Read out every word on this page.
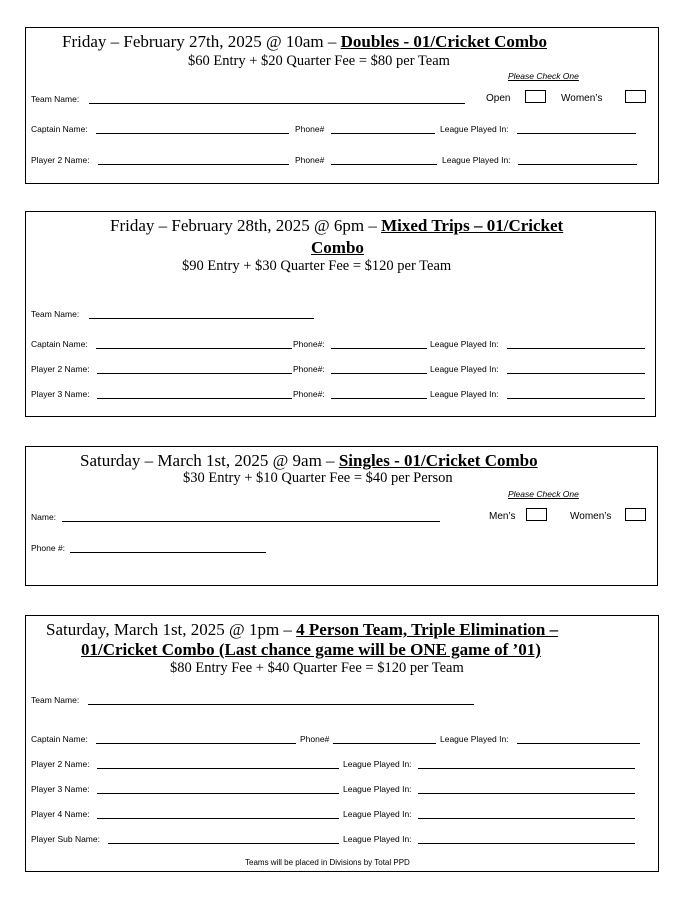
Friday – February 27th, 2025 @ 10am – Doubles - 01/Cricket Combo
$60 Entry + $20 Quarter Fee = $80 per Team
Please Check One
Team Name:	Open	Women’s
Captain Name:	Phone#	League Played In:
Player 2 Name:	Phone#	League Played In:
Friday – February 28th, 2025 @ 6pm – Mixed Trips – 01/Cricket
Combo
$90 Entry + $30 Quarter Fee = $120 per Team
Team Name:
Captain Name:	Phone#:	League Played In:
Player 2 Name:	Phone#:	League Played In:
Player 3 Name:	Phone#:	League Played In:
Saturday – March 1st, 2025 @ 9am – Singles - 01/Cricket Combo
$30 Entry + $10 Quarter Fee = $40 per Person
Please Check One
Name:	Men’s	Women’s
Phone #:
Saturday, March 1st, 2025 @ 1pm – 4 Person Team, Triple Elimination –
01/Cricket Combo (Last chance game will be ONE game of ’01)
$80 Entry Fee + $40 Quarter Fee = $120 per Team
Team Name:
Captain Name:	Phone#	League Played In:
Player 2 Name:	League Played In:
Player 3 Name:	League Played In:
Player 4 Name:	League Played In:
Player Sub Name:	League Played In:
Teams will be placed in Divisions by Total PPD
